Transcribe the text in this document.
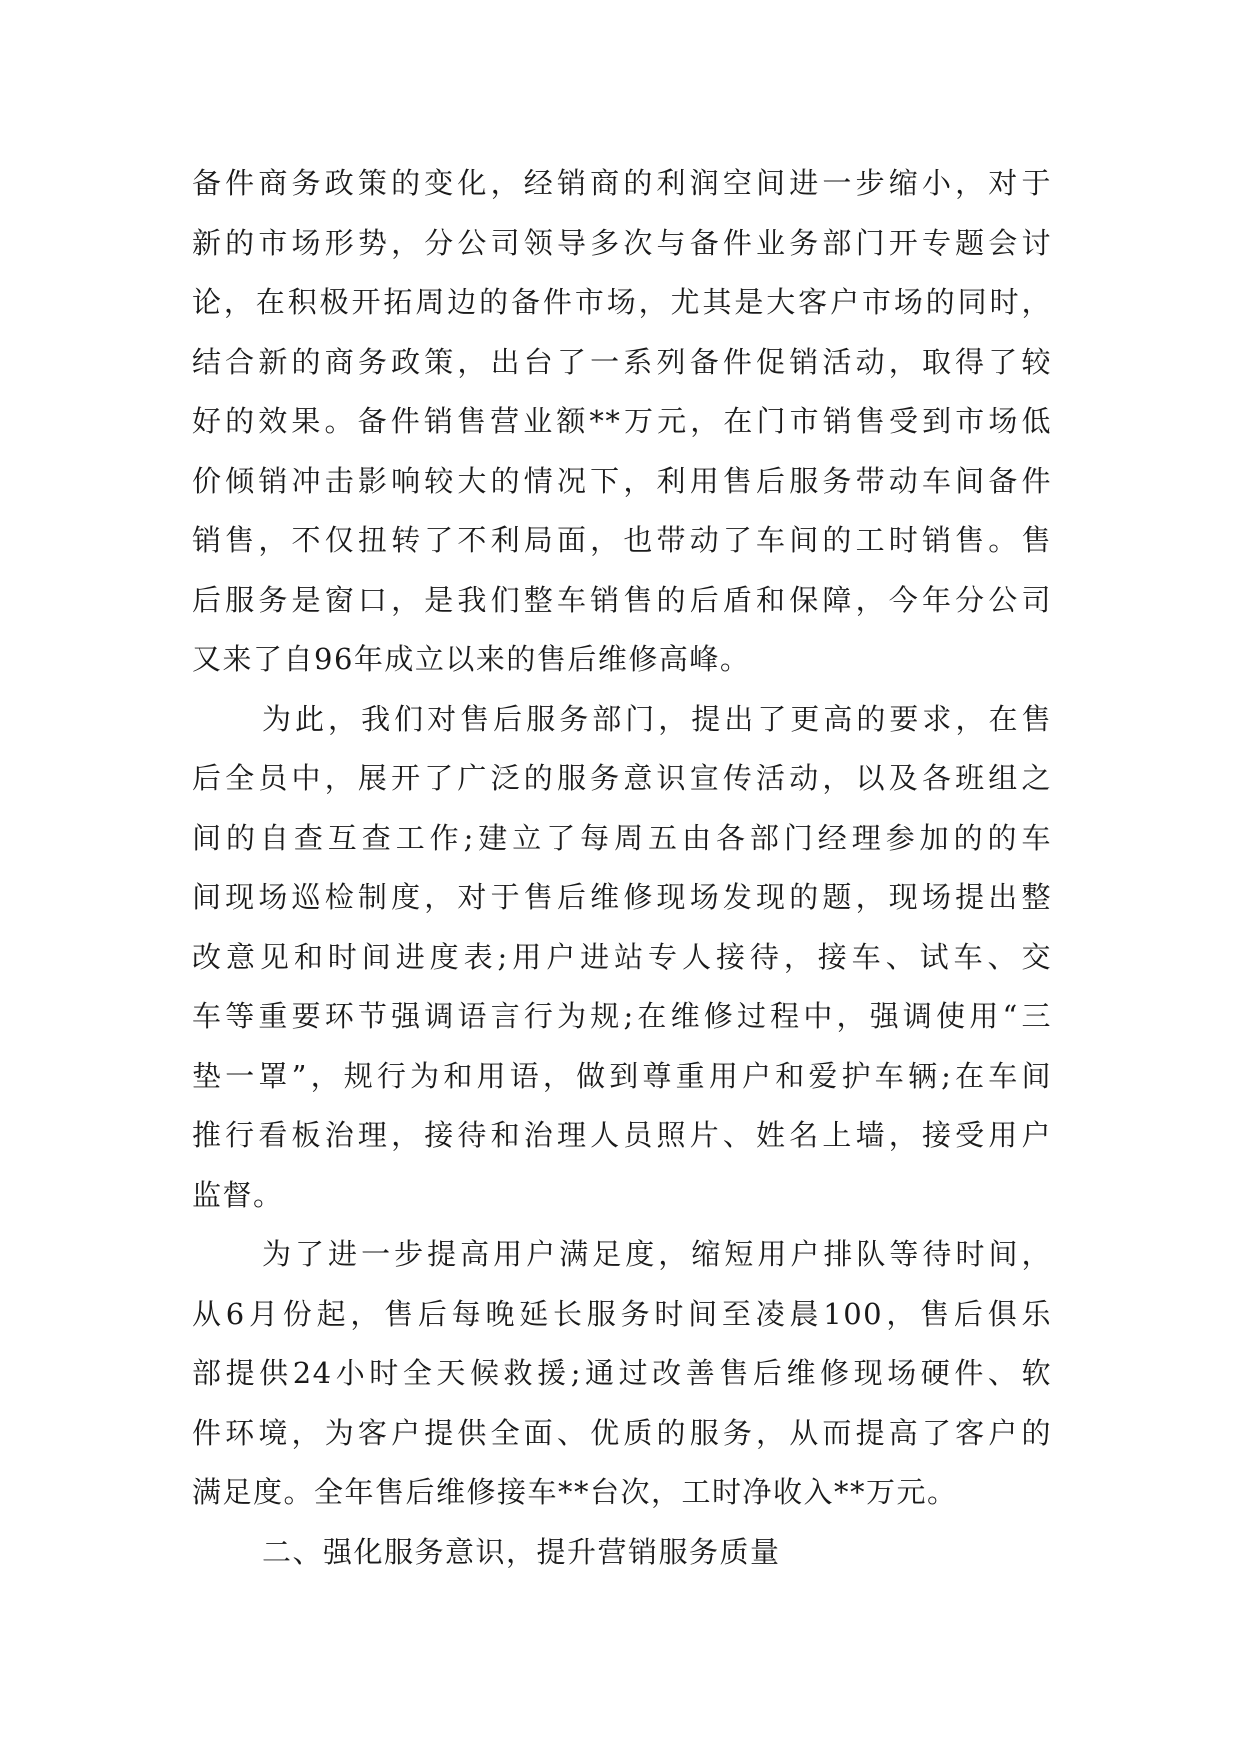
备件商务政策的变化，经销商的利润空间进一步缩小，对于
新的市场形势，分公司领导多次与备件业务部门开专题会讨
论，在积极开拓周边的备件市场，尤其是大客户市场的同时，
结合新的商务政策，出台了一系列备件促销活动，取得了较
好的效果。备件销售营业额**万元，在门市销售受到市场低
价倾销冲击影响较大的情况下，利用售后服务带动车间备件
销售，不仅扭转了不利局面，也带动了车间的工时销售。售
后服务是窗口，是我们整车销售的后盾和保障，今年分公司
又来了自96年成立以来的售后维修高峰。
为此，我们对售后服务部门，提出了更高的要求，在售
后全员中，展开了广泛的服务意识宣传活动，以及各班组之
间的自查互查工作;建立了每周五由各部门经理参加的的车
间现场巡检制度，对于售后维修现场发现的题，现场提出整
改意见和时间进度表;用户进站专人接待，接车、试车、交
车等重要环节强调语言行为规;在维修过程中，强调使用“三
垫一罩”，规行为和用语，做到尊重用户和爱护车辆;在车间
推行看板治理，接待和治理人员照片、姓名上墙，接受用户
监督。
为了进一步提高用户满足度，缩短用户排队等待时间，
从6月份起，售后每晚延长服务时间至凌晨100，售后俱乐
部提供24小时全天候救援;通过改善售后维修现场硬件、软
件环境，为客户提供全面、优质的服务，从而提高了客户的
满足度。全年售后维修接车**台次，工时净收入**万元。
二、强化服务意识，提升营销服务质量
